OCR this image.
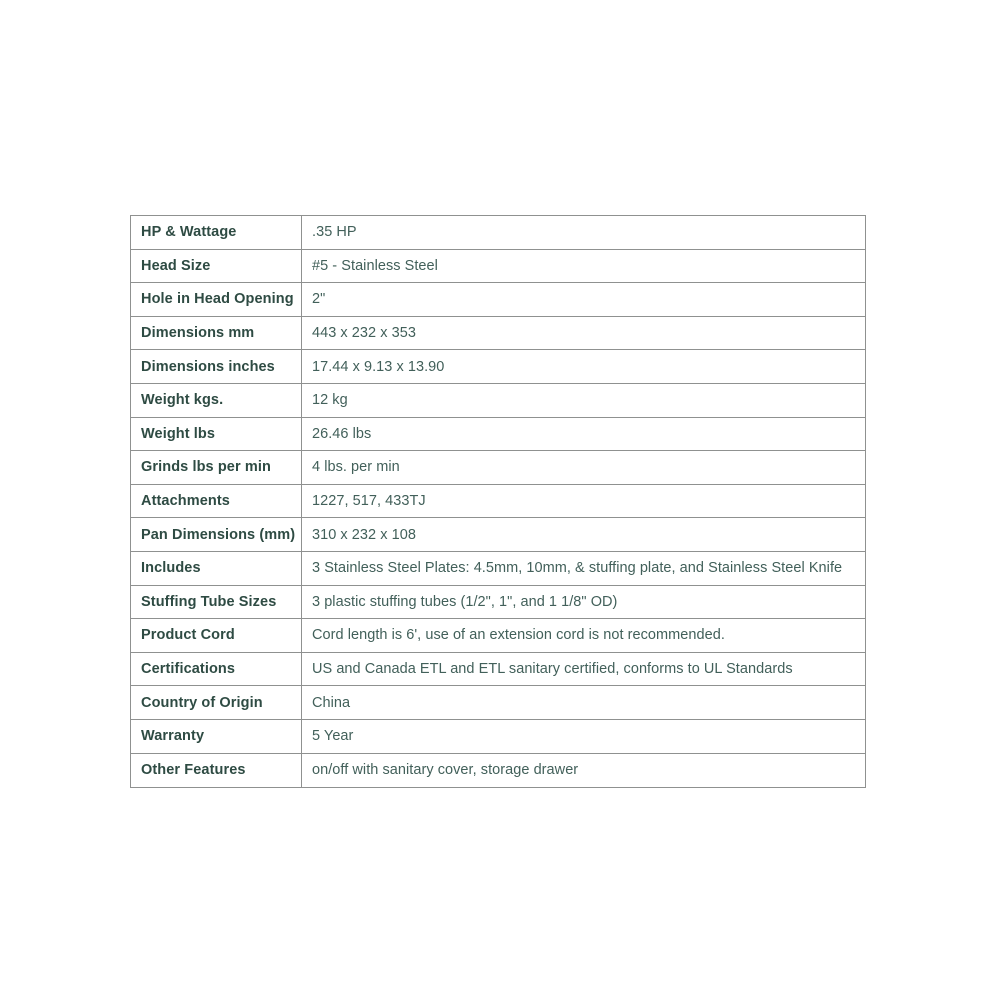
HP & Wattage	.35 HP
Head Size	#5 - Stainless Steel
Hole in Head Opening	2"
Dimensions mm	443 x 232 x 353
Dimensions inches	17.44 x 9.13 x 13.90
Weight kgs.	12 kg
Weight lbs	26.46 lbs
Grinds lbs per min	4 lbs. per min
Attachments	1227, 517, 433TJ
Pan Dimensions (mm)	310 x 232 x 108
Includes	3 Stainless Steel Plates: 4.5mm, 10mm, & stuffing plate, and Stainless Steel Knife
Stuffing Tube Sizes	3 plastic stuffing tubes (1/2", 1", and 1 1/8" OD)
Product Cord	Cord length is 6', use of an extension cord is not recommended.
Certifications	US and Canada ETL and ETL sanitary certified, conforms to UL Standards
Country of Origin	China
Warranty	5 Year
Other Features	on/off with sanitary cover, storage drawer
